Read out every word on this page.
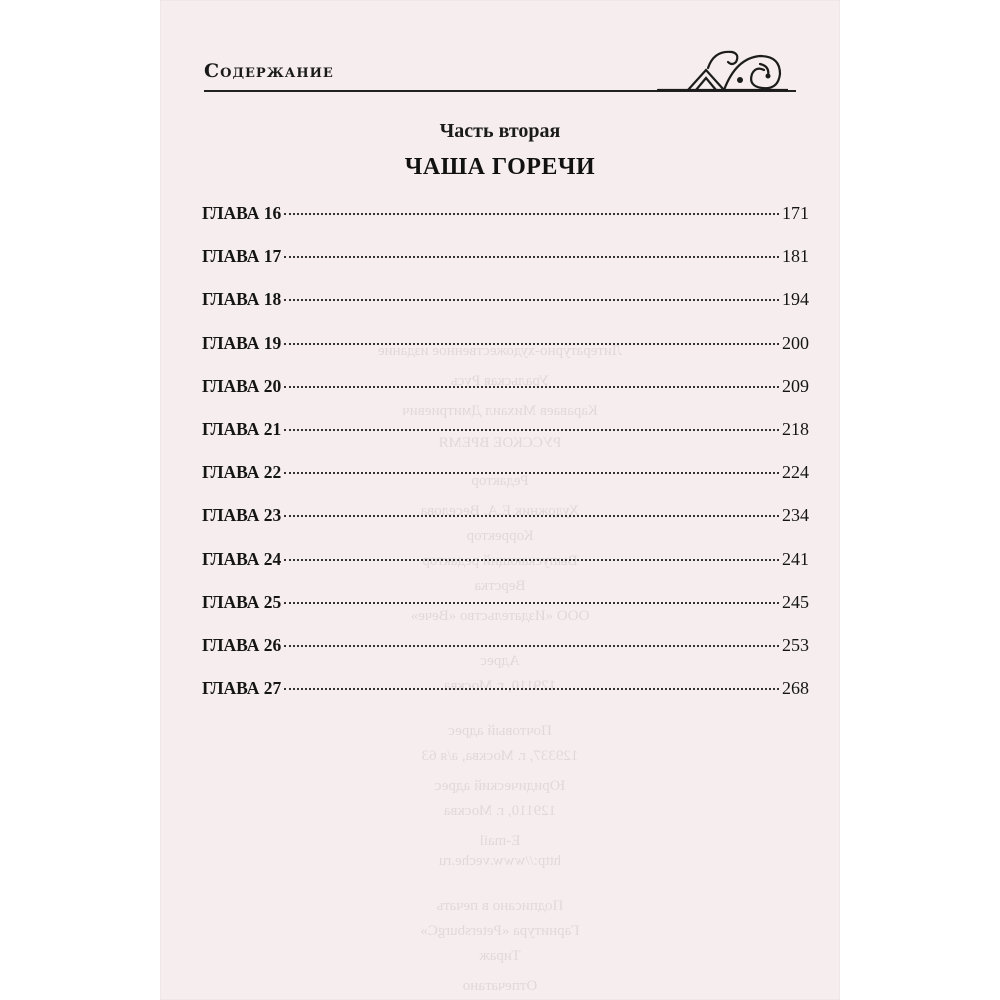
Литературно-художественное издание
Уральская Русь
Караваев Михаил Дмитриевич
РУССКОЕ ВРЕМЯ
Редактор
Художник Е.А. Веселова
Корректор
Выпускающий редактор
Верстка
ООО «Издательство «Вече»
Адрес
129110, г. Москва
Почтовый адрес
129337, г. Москва, а/я 63
Юридический адрес
129110, г. Москва
E-mail
http://www.veche.ru
Подписано в печать
Гарнитура «PetersburgC»
Тираж
Отпечатано
Содержание
Часть вторая
ЧАША ГОРЕЧИ
ГЛАВА 16	171
ГЛАВА 17	181
ГЛАВА 18	194
ГЛАВА 19	200
ГЛАВА 20	209
ГЛАВА 21	218
ГЛАВА 22	224
ГЛАВА 23	234
ГЛАВА 24	241
ГЛАВА 25	245
ГЛАВА 26	253
ГЛАВА 27	268
